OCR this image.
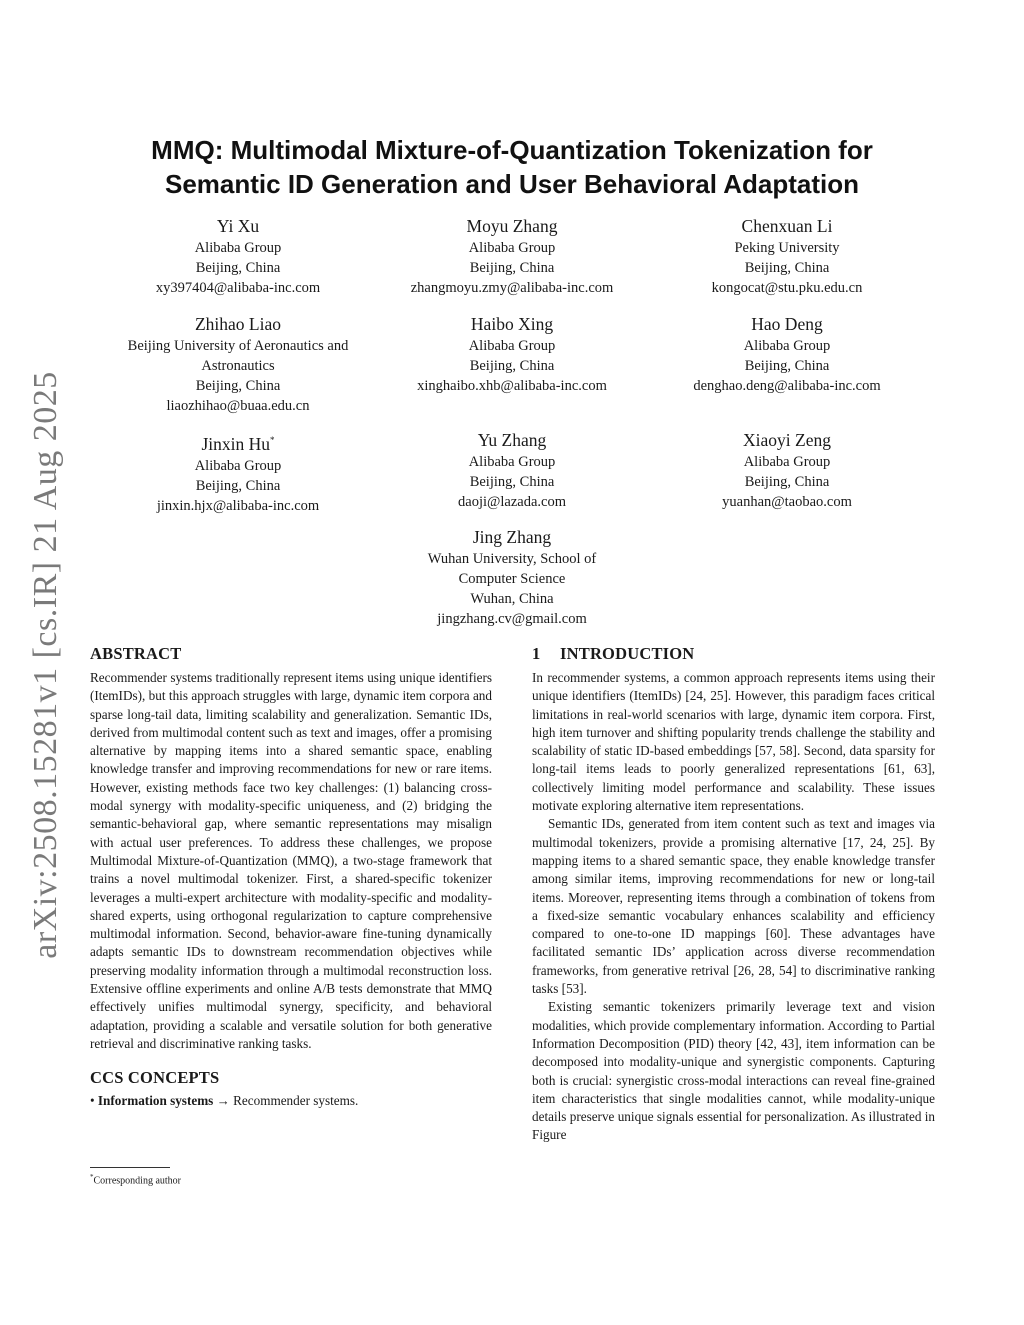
arXiv:2508.15281v1 [cs.IR] 21 Aug 2025
MMQ: Multimodal Mixture-of-Quantization Tokenization for
Semantic ID Generation and User Behavioral Adaptation
Yi Xu
Alibaba Group
Beijing, China
xy397404@alibaba-inc.com
Moyu Zhang
Alibaba Group
Beijing, China
zhangmoyu.zmy@alibaba-inc.com
Chenxuan Li
Peking University
Beijing, China
kongocat@stu.pku.edu.cn
Zhihao Liao
Beijing University of Aeronautics and
Astronautics
Beijing, China
liaozhihao@buaa.edu.cn
Haibo Xing
Alibaba Group
Beijing, China
xinghaibo.xhb@alibaba-inc.com
Hao Deng
Alibaba Group
Beijing, China
denghao.deng@alibaba-inc.com
Jinxin Hu*
Alibaba Group
Beijing, China
jinxin.hjx@alibaba-inc.com
Yu Zhang
Alibaba Group
Beijing, China
daoji@lazada.com
Xiaoyi Zeng
Alibaba Group
Beijing, China
yuanhan@taobao.com
Jing Zhang
Wuhan University, School of
Computer Science
Wuhan, China
jingzhang.cv@gmail.com
ABSTRACT

Recommender systems traditionally represent items using unique identifiers (ItemIDs), but this approach struggles with large, dynamic item corpora and sparse long-tail data, limiting scalability and generalization. Semantic IDs, derived from multimodal content such as text and images, offer a promising alternative by mapping items into a shared semantic space, enabling knowledge transfer and improving recommendations for new or rare items. However, existing methods face two key challenges: (1) balancing cross-modal synergy with modality-specific uniqueness, and (2) bridging the semantic-behavioral gap, where semantic representations may misalign with actual user preferences. To address these challenges, we propose Multimodal Mixture-of-Quantization (MMQ), a two-stage framework that trains a novel multimodal tokenizer. First, a shared-specific tokenizer leverages a multi-expert architecture with modality-specific and modality-shared experts, using orthogonal regularization to capture comprehensive multimodal information. Second, behavior-aware fine-tuning dynamically adapts semantic IDs to downstream recommendation objectives while preserving modality information through a multimodal reconstruction loss. Extensive offline experiments and online A/B tests demonstrate that MMQ effectively unifies multimodal synergy, specificity, and behavioral adaptation, providing a scalable and versatile solution for both generative retrieval and discriminative ranking tasks.

CCS CONCEPTS

• Information systems → Recommender systems.

1 INTRODUCTION

In recommender systems, a common approach represents items using their unique identifiers (ItemIDs) [24, 25]. However, this paradigm faces critical limitations in real-world scenarios with large, dynamic item corpora. First, high item turnover and shifting popularity trends challenge the stability and scalability of static ID-based embeddings [57, 58]. Second, data sparsity for long-tail items leads to poorly generalized representations [61, 63], collectively limiting model performance and scalability. These issues motivate exploring alternative item representations.

Semantic IDs, generated from item content such as text and images via multimodal tokenizers, provide a promising alternative [17, 24, 25]. By mapping items to a shared semantic space, they enable knowledge transfer among similar items, improving recommendations for new or long-tail items. Moreover, representing items through a combination of tokens from a fixed-size semantic vocabulary enhances scalability and efficiency compared to one-to-one ID mappings [60]. These advantages have facilitated semantic IDs’ application across diverse recommendation frameworks, from generative retrival [26, 28, 54] to discriminative ranking tasks [53].

Existing semantic tokenizers primarily leverage text and vision modalities, which provide complementary information. According to Partial Information Decomposition (PID) theory [42, 43], item information can be decomposed into modality-unique and synergistic components. Capturing both is crucial: synergistic cross-modal interactions can reveal fine-grained item characteristics that single modalities cannot, while modality-unique details preserve unique signals essential for personalization. As illustrated in Figure

*Corresponding author
